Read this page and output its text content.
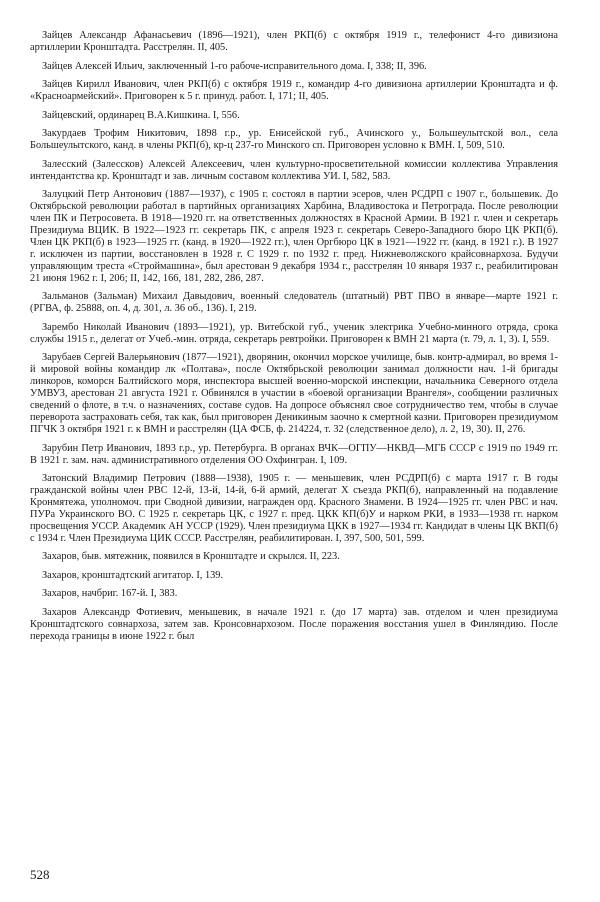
Зайцев Александр Афанасьевич (1896—1921), член РКП(б) с октября 1919 г., телефонист 4-го дивизиона артиллерии Кронштадта. Расстрелян. II, 405.

Зайцев Алексей Ильич, заключенный 1-го рабоче-исправительного дома. I, 338; II, 396.

Зайцев Кирилл Иванович, член РКП(б) с октября 1919 г., командир 4-го дивизиона артиллерии Кронштадта и ф. «Красноармейский». Приговорен к 5 г. принуд. работ. I, 171; II, 405.

Зайцевский, ординарец В.А.Кишкина. I, 556.

Закурдаев Трофим Никитович, 1898 г.р., ур. Енисейской губ., Ачинского у., Большеулытской вол., села Большеулытского, канд. в члены РКП(б), кр-ц 237-го Минского сп. Приговорен условно к ВМН. I, 509, 510.

Залесский (Залесcков) Алексей Алексеевич, член культурно-просветительной комиссии коллектива Управления интендантства кр. Кронштадт и зав. личным составом коллектива УИ. I, 582, 583.

Залуцкий Петр Антонович (1887—1937), с 1905 г. состоял в партии эсеров, член РСДРП с 1907 г., большевик. До Октябрьской революции работал в партийных организациях Харбина, Владивостока и Петрограда. После революции член ПК и Петросовета. В 1918—1920 гг. на ответственных должностях в Красной Армии. В 1921 г. член и секретарь Президиума ВЦИК. В 1922—1923 гг. секретарь ПК, с апреля 1923 г. секретарь Северо-Западного бюро ЦК РКП(б). Член ЦК РКП(б) в 1923—1925 гг. (канд. в 1920—1922 гг.), член Оргбюро ЦК в 1921—1922 гг. (канд. в 1921 г.). В 1927 г. исключен из партии, восстановлен в 1928 г. С 1929 г. по 1932 г. пред. Нижневолжского крайсовнархоза. Будучи управляющим треста «Строймашина», был арестован 9 декабря 1934 г., расстрелян 10 января 1937 г., реабилитирован 21 июня 1962 г. I, 206; II, 142, 166, 181, 282, 286, 287.

Зальманов (Зальман) Михаил Давыдович, военный следователь (штатный) РВТ ПВО в январе—марте 1921 г. (РГВА, ф. 25888, оп. 4, д. 301, л. 36 об., 136). I, 219.

Зарембо Николай Иванович (1893—1921), ур. Витебской губ., ученик электрика Учебно-минного отряда, срока службы 1915 г., делегат от Учеб.-мин. отряда, секретарь ревтройки. Приговорен к ВМН 21 марта (т. 79, л. 1, 3). I, 559.

Зарубаев Сергей Валерьянович (1877—1921), дворянин, окончил морское училище, быв. контр-адмирал, во время 1-й мировой войны командир лк «Полтава», после Октябрьской революции занимал должности нач. 1-й бригады линкоров, комоpсн Балтийского моря, инспектора высшей военно-морской инспекции, начальника Северного отдела УМВУЗ, арестован 21 августа 1921 г. Обвинялся в участии в «боевой организации Врангеля», сообщении различных сведений о флоте, в т.ч. о назначениях, составе судов. На допросе объяснял свое сотрудничество тем, чтобы в случае переворота застраховать себя, так как, был приговорен Деникиным заочно к смертной казни. Приговорен президиумом ПГЧК 3 октября 1921 г. к ВМН и расстрелян (ЦА ФСБ, ф. 214224, т. 32 (следственное дело), л. 2, 19, 30). II, 276.

Зарубин Петр Иванович, 1893 г.р., ур. Петербурга. В органах ВЧК—ОГПУ—НКВД—МГБ СССР с 1919 по 1949 гг. В 1921 г. зам. нач. административного отделения ОО Охфингран. I, 109.

Затонский Владимир Петрович (1888—1938), 1905 г. — меньшевик, член РСДРП(б) с марта 1917 г. В годы гражданской войны член РВС 12-й, 13-й, 14-й, 6-й армий, делегат X съезда РКП(б), направленный на подавление Кронмятежа, уполномоч. при Сводной дивизии, награжден орд. Красного Знамени. В 1924—1925 гг. член РВС и нач. ПУРа Украинского ВО. С 1925 г. секретарь ЦК, с 1927 г. пред. ЦКК КП(б)У и нарком РКИ, в 1933—1938 гг. нарком просвещения УССР. Академик АН УССР (1929). Член президиума ЦКК в 1927—1934 гг. Кандидат в члены ЦК ВКП(б) с 1934 г. Член Президиума ЦИК СССР. Расстрелян, реабилитирован. I, 397, 500, 501, 599.

Захаров, быв. мятежник, появился в Кронштадте и скрылся. II, 223.

Захаров, кронштадтский агитатор. I, 139.

Захаров, начбриг. 167-й. I, 383.

Захаров Александр Фотиевич, меньшевик, в начале 1921 г. (до 17 марта) зав. отделом и член президиума Кронштадтского совнархоза, затем зав. Кронсовнархозом. После поражения восстания ушел в Финляндию. После перехода границы в июне 1922 г. был

528
